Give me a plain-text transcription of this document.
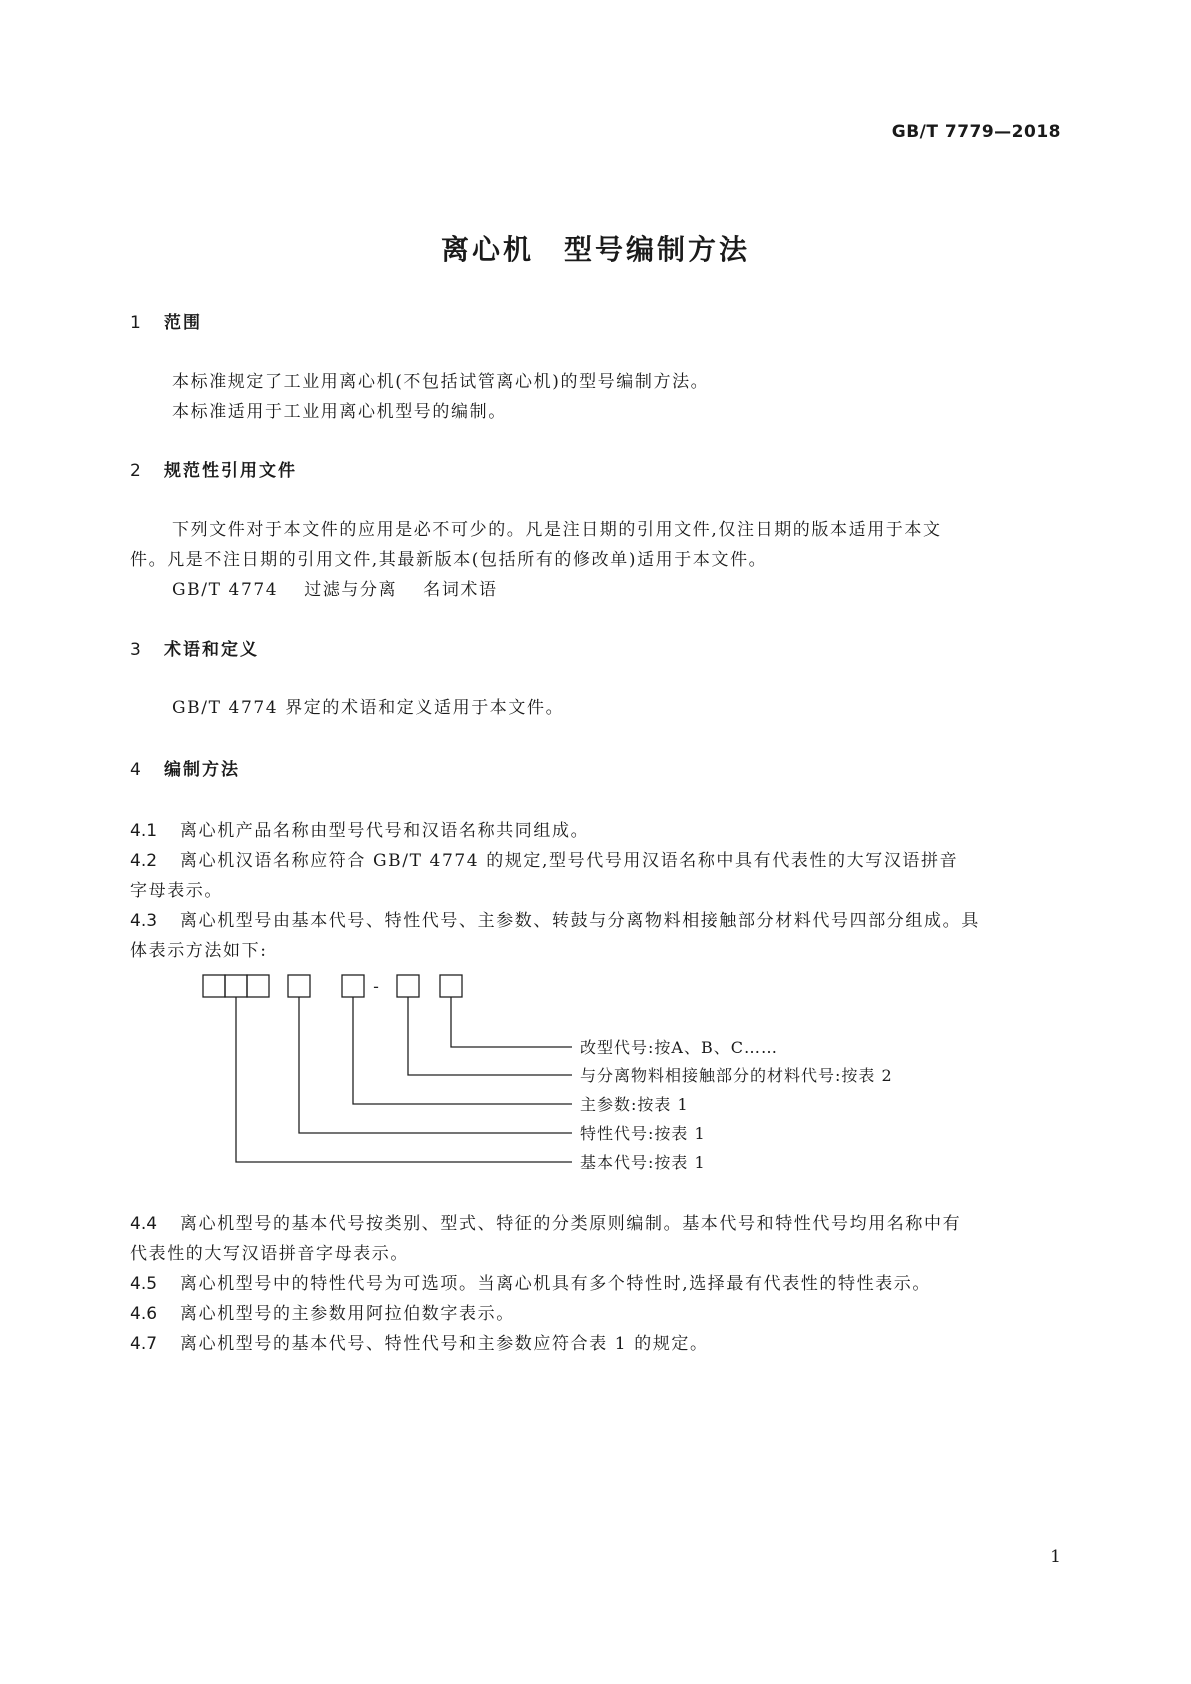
GB/T 7779—2018
离心机 型号编制方法
1 范围
本标准规定了工业用离心机(不包括试管离心机)的型号编制方法。
本标准适用于工业用离心机型号的编制。
2 规范性引用文件
下列文件对于本文件的应用是必不可少的。凡是注日期的引用文件,仅注日期的版本适用于本文
件。凡是不注日期的引用文件,其最新版本(包括所有的修改单)适用于本文件。
GB/T 4774 过滤与分离 名词术语
3 术语和定义
GB/T 4774 界定的术语和定义适用于本文件。
4 编制方法
4.1 离心机产品名称由型号代号和汉语名称共同组成。
4.2 离心机汉语名称应符合 GB/T 4774 的规定,型号代号用汉语名称中具有代表性的大写汉语拼音
字母表示。
4.3 离心机型号由基本代号、特性代号、主参数、转鼓与分离物料相接触部分材料代号四部分组成。具
体表示方法如下:
-
改型代号:按A、B、C……
与分离物料相接触部分的材料代号:按表 2
主参数:按表 1
特性代号:按表 1
基本代号:按表 1
4.4 离心机型号的基本代号按类别、型式、特征的分类原则编制。基本代号和特性代号均用名称中有
代表性的大写汉语拼音字母表示。
4.5 离心机型号中的特性代号为可选项。当离心机具有多个特性时,选择最有代表性的特性表示。
4.6 离心机型号的主参数用阿拉伯数字表示。
4.7 离心机型号的基本代号、特性代号和主参数应符合表 1 的规定。
1
